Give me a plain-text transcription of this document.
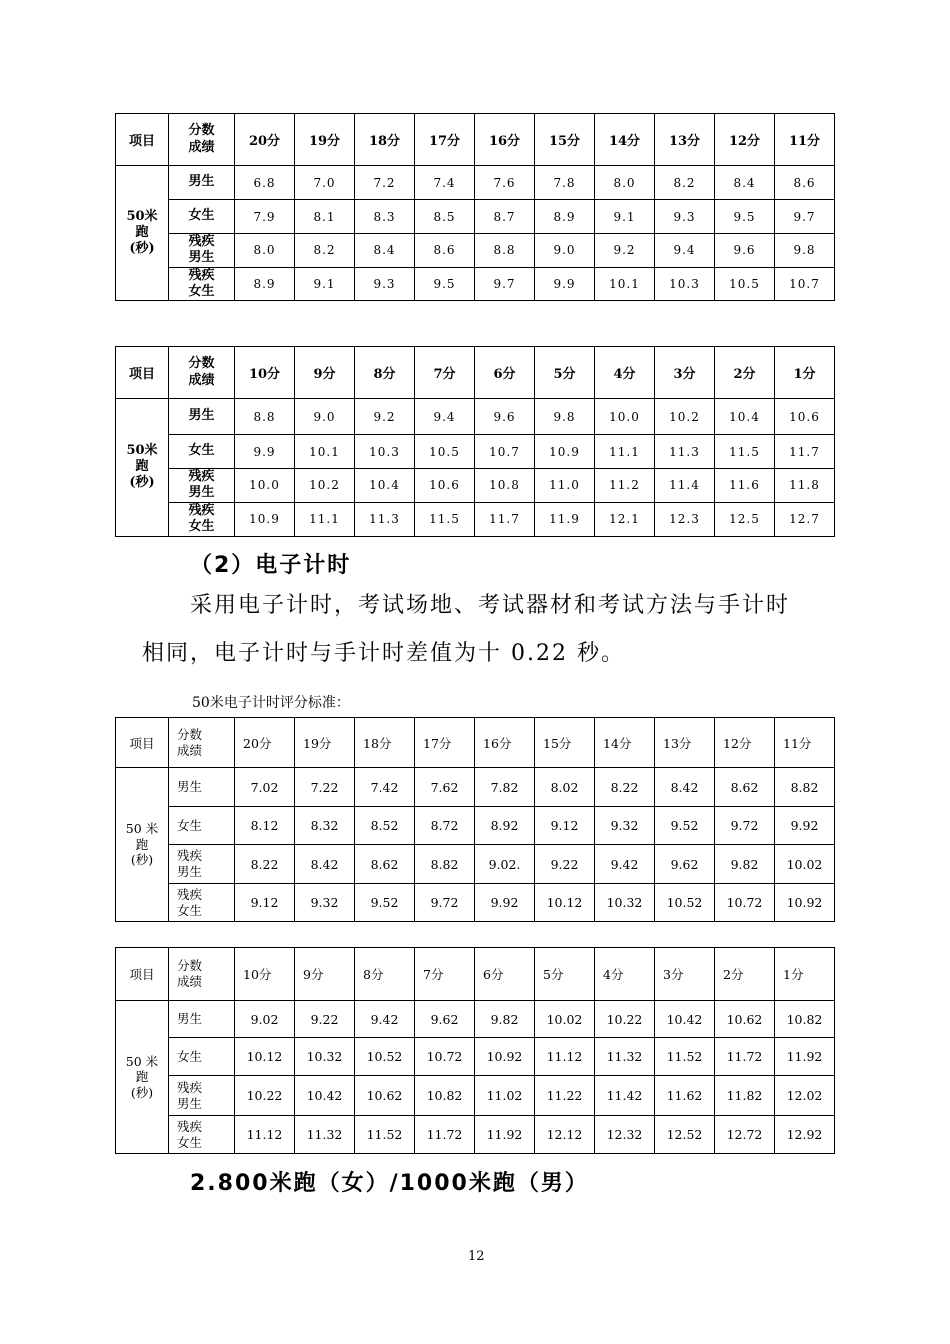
项目	分数
成绩	20分	19分	18分	17分	16分	15分	14分	13分	12分	11分

50米
跑
(秒)	男生	6.8	7.0	7.2	7.4	7.6	7.8	8.0	8.2	8.4	8.6

	女生	7.9	8.1	8.3	8.5	8.7	8.9	9.1	9.3	9.5	9.7

	残疾
男生	8.0	8.2	8.4	8.6	8.8	9.0	9.2	9.4	9.6	9.8

	残疾
女生	8.9	9.1	9.3	9.5	9.7	9.9	10.1	10.3	10.5	10.7
项目	分数
成绩	10分	9分	8分	7分	6分	5分	4分	3分	2分	1分

50米
跑
(秒)	男生	8.8	9.0	9.2	9.4	9.6	9.8	10.0	10.2	10.4	10.6

	女生	9.9	10.1	10.3	10.5	10.7	10.9	11.1	11.3	11.5	11.7

	残疾
男生	10.0	10.2	10.4	10.6	10.8	11.0	11.2	11.4	11.6	11.8

	残疾
女生	10.9	11.1	11.3	11.5	11.7	11.9	12.1	12.3	12.5	12.7
（2）电子计时
采用电子计时，考试场地、考试器材和考试方法与手计时
相同，电子计时与手计时差值为十 0.22 秒。
50米电子计时评分标准：
项目	分数
成绩	20分	19分	18分	17分	16分	15分	14分	13分	12分	11分

50 米
跑
(秒)	男生	7.02	7.22	7.42	7.62	7.82	8.02	8.22	8.42	8.62	8.82

	女生	8.12	8.32	8.52	8.72	8.92	9.12	9.32	9.52	9.72	9.92

	残疾
男生	8.22	8.42	8.62	8.82	9.02.	9.22	9.42	9.62	9.82	10.02

	残疾
女生	9.12	9.32	9.52	9.72	9.92	10.12	10.32	10.52	10.72	10.92
项目	分数
成绩	10分	9分	8分	7分	6分	5分	4分	3分	2分	1分

50 米
跑
(秒)	男生	9.02	9.22	9.42	9.62	9.82	10.02	10.22	10.42	10.62	10.82

	女生	10.12	10.32	10.52	10.72	10.92	11.12	11.32	11.52	11.72	11.92

	残疾
男生	10.22	10.42	10.62	10.82	11.02	11.22	11.42	11.62	11.82	12.02

	残疾
女生	11.12	11.32	11.52	11.72	11.92	12.12	12.32	12.52	12.72	12.92
2.800米跑（女）/1000米跑（男）
12
